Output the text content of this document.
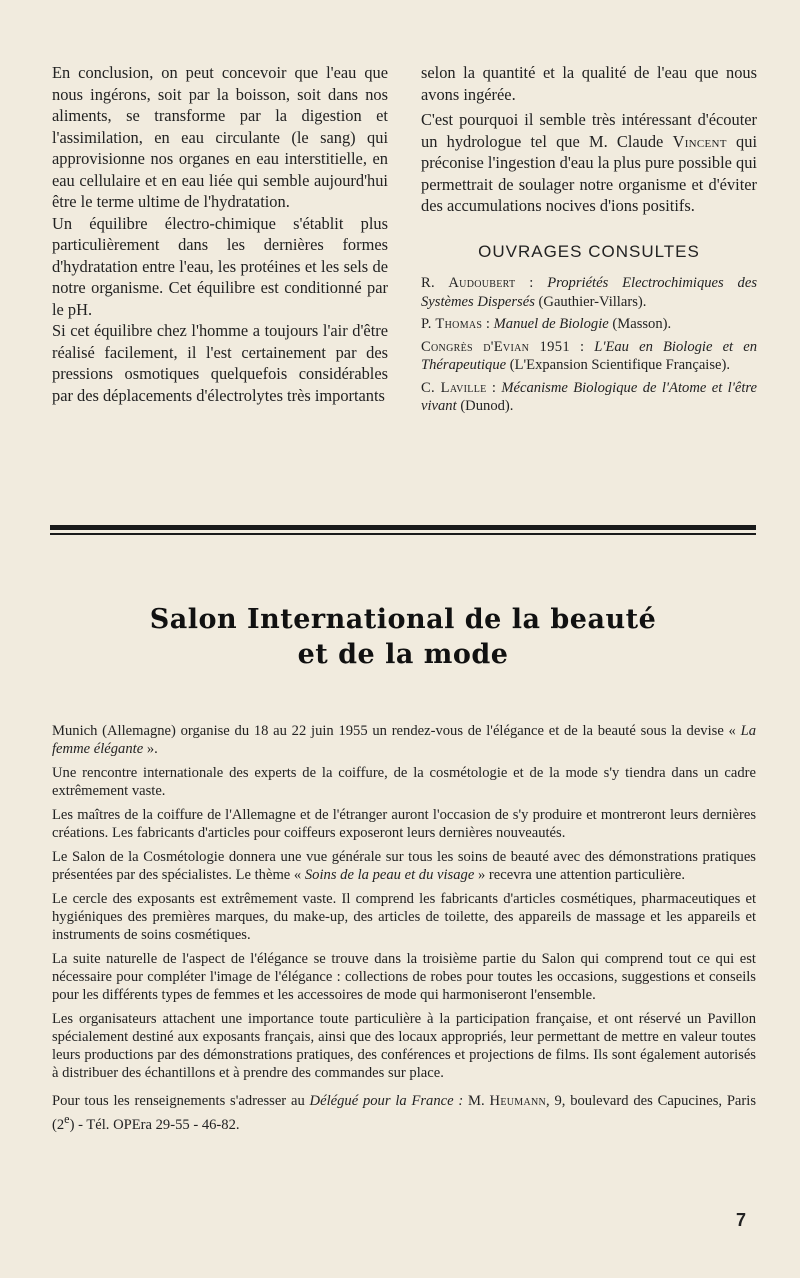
En conclusion, on peut concevoir que l'eau que nous ingérons, soit par la boisson, soit dans nos aliments, se transforme par la digestion et l'assimilation, en eau circulante (le sang) qui approvisionne nos organes en eau interstitielle, en eau cellulaire et en eau liée qui semble aujourd'hui être le terme ultime de l'hydratation.

Un équilibre électro-chimique s'établit plus particulièrement dans les dernières formes d'hydratation entre l'eau, les protéines et les sels de notre organisme. Cet équilibre est conditionné par le pH.

Si cet équilibre chez l'homme a toujours l'air d'être réalisé facilement, il l'est certainement par des pressions osmotiques quelquefois considérables par des déplacements d'électrolytes très importants

selon la quantité et la qualité de l'eau que nous avons ingérée.

C'est pourquoi il semble très intéressant d'écouter un hydrologue tel que M. Claude Vincent qui préconise l'ingestion d'eau la plus pure possible qui permettrait de soulager notre organisme et d'éviter des accumulations nocives d'ions positifs.

OUVRAGES CONSULTES

R. Audoubert : Propriétés Electrochimiques des Systèmes Dispersés (Gauthier-Villars).

P. Thomas : Manuel de Biologie (Masson).

Congrès d'Evian 1951 : L'Eau en Biologie et en Thérapeutique (L'Expansion Scientifique Française).

C. Laville : Mécanisme Biologique de l'Atome et l'être vivant (Dunod).

Salon International de la beauté
et de la mode

Munich (Allemagne) organise du 18 au 22 juin 1955 un rendez-vous de l'élégance et de la beauté sous la devise « La femme élégante ».

Une rencontre internationale des experts de la coiffure, de la cosmétologie et de la mode s'y tiendra dans un cadre extrêmement vaste.

Les maîtres de la coiffure de l'Allemagne et de l'étranger auront l'occasion de s'y produire et montreront leurs dernières créations. Les fabricants d'articles pour coiffeurs exposeront leurs dernières nouveautés.

Le Salon de la Cosmétologie donnera une vue générale sur tous les soins de beauté avec des démonstrations pratiques présentées par des spécialistes. Le thème « Soins de la peau et du visage » recevra une attention particulière.

Le cercle des exposants est extrêmement vaste. Il comprend les fabricants d'articles cosmétiques, pharmaceutiques et hygiéniques des premières marques, du make-up, des articles de toilette, des appareils de massage et les appareils et instruments de soins cosmétiques.

La suite naturelle de l'aspect de l'élégance se trouve dans la troisième partie du Salon qui comprend tout ce qui est nécessaire pour compléter l'image de l'élégance : collections de robes pour toutes les occasions, suggestions et conseils pour les différents types de femmes et les accessoires de mode qui harmoniseront l'ensemble.

Les organisateurs attachent une importance toute particulière à la participation française, et ont réservé un Pavillon spécialement destiné aux exposants français, ainsi que des locaux appropriés, leur permettant de mettre en valeur toutes leurs productions par des démonstrations pratiques, des conférences et projections de films. Ils sont également autorisés à distribuer des échantillons et à prendre des commandes sur place.

Pour tous les renseignements s'adresser au Délégué pour la France : M. Heumann, 9, boulevard des Capucines, Paris (2e) - Tél. OPEra 29-55 - 46-82.

7
